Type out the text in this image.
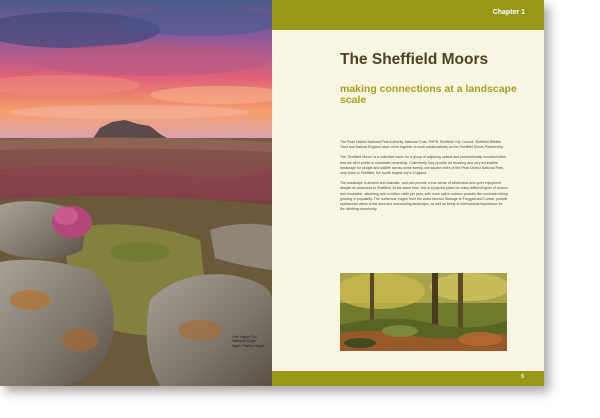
Left: Higger Tor,
Millstone Edge
Right: Padley Gorge
Chapter 1
The Sheffield Moors
making connections at a landscape scale

The Peak District National Park Authority, National Trust, RSPB, Sheffield City Council, Sheffield Wildlife Trust and Natural England have come together to work collaboratively as the Sheffield Moors Partnership.

The 'Sheffield Moors' is a collective name for a group of adjoining upland and predominantly moorland sites that are all in public or charitable ownership. Collectively they provide an amazing and very accessible landscape for people and wildlife across some twenty-one square miles of the Peak District National Park, very close to Sheffield, the fourth largest city in England.

The landscape is ancient and dramatic, and can provide a true sense of wilderness and quiet enjoyment, despite its closeness to Sheffield. At the same time, this is a popular place for many different types of access and recreation, attracting over a million visits per year, with more active outdoor pursuits like mountain biking growing in popularity. The numerous 'edges' from the world famous Stanage to Froggatt and Curbar, provide spectacular views of the area and surrounding landscape, as well as being of international importance for the climbing community.

5
